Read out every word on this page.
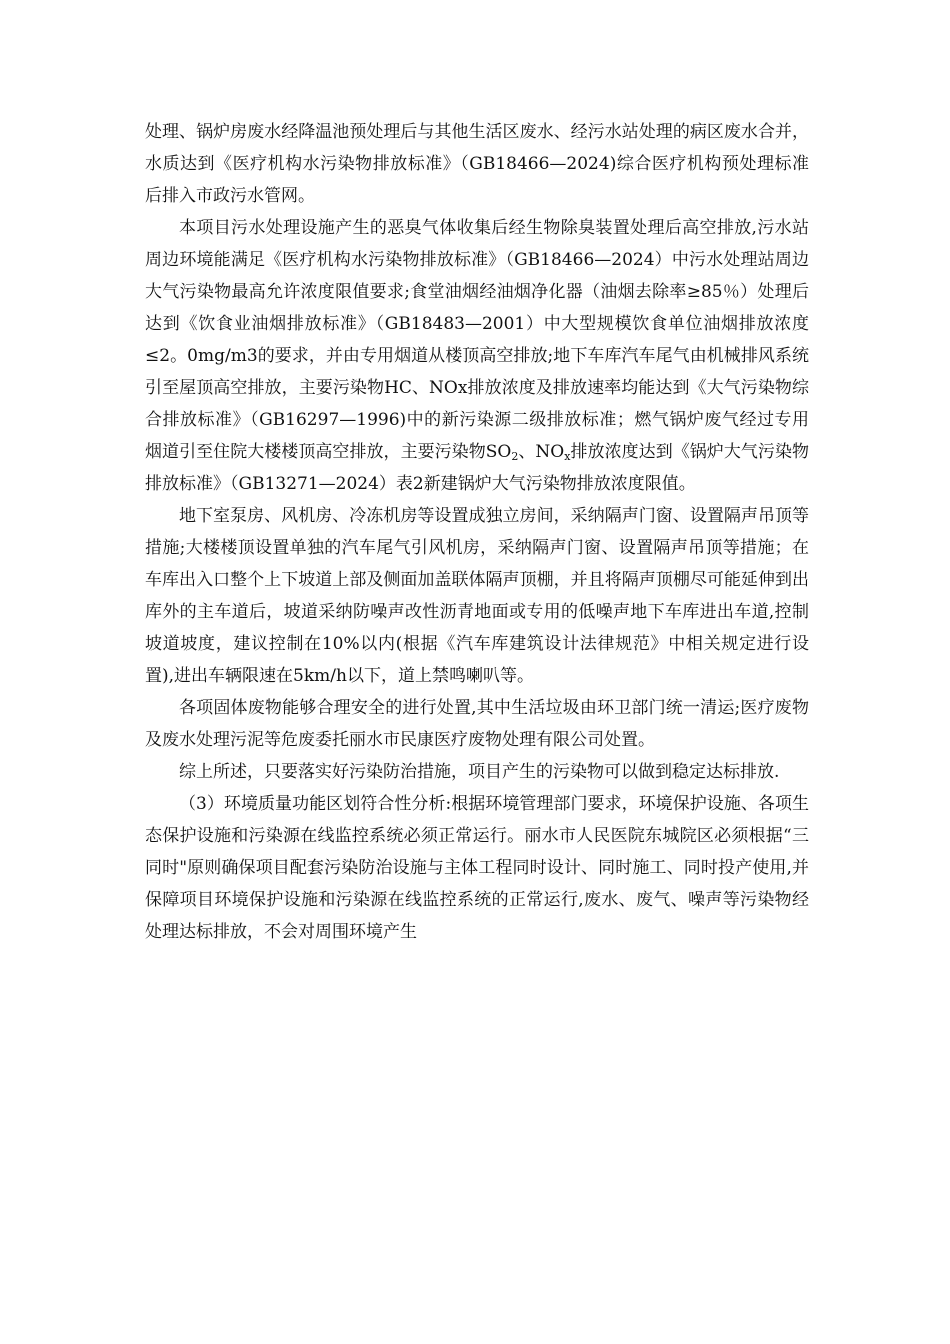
处理、锅炉房废水经降温池预处理后与其他生活区废水、经污水站处理的病区废水合并，水质达到《医疗机构水污染物排放标准》（GB18466—2024)综合医疗机构预处理标准后排入市政污水管网。

本项目污水处理设施产生的恶臭气体收集后经生物除臭装置处理后高空排放,污水站周边环境能满足《医疗机构水污染物排放标准》（GB18466—2024）中污水处理站周边大气污染物最高允许浓度限值要求;食堂油烟经油烟净化器（油烟去除率≥85％）处理后达到《饮食业油烟排放标准》（GB18483—2001）中大型规模饮食单位油烟排放浓度≤2。0mg/m3的要求，并由专用烟道从楼顶高空排放;地下车库汽车尾气由机械排风系统引至屋顶高空排放，主要污染物HC、NOx排放浓度及排放速率均能达到《大气污染物综合排放标准》（GB16297—1996)中的新污染源二级排放标准；燃气锅炉废气经过专用烟道引至住院大楼楼顶高空排放，主要污染物$SO_2$、$NO_x$排放浓度达到《锅炉大气污染物排放标准》（GB13271—2024）表2新建锅炉大气污染物排放浓度限值。

地下室泵房、风机房、冷冻机房等设置成独立房间，采纳隔声门窗、设置隔声吊顶等措施;大楼楼顶设置单独的汽车尾气引风机房，采纳隔声门窗、设置隔声吊顶等措施；在车库出入口整个上下坡道上部及侧面加盖联体隔声顶棚，并且将隔声顶棚尽可能延伸到出库外的主车道后，坡道采纳防噪声改性沥青地面或专用的低噪声地下车库进出车道,控制坡道坡度，建议控制在10%以内(根据《汽车库建筑设计法律规范》中相关规定进行设置),进出车辆限速在5km/h以下，道上禁鸣喇叭等。

各项固体废物能够合理安全的进行处置,其中生活垃圾由环卫部门统一清运;医疗废物及废水处理污泥等危废委托丽水市民康医疗废物处理有限公司处置。

综上所述，只要落实好污染防治措施，项目产生的污染物可以做到稳定达标排放.

（3）环境质量功能区划符合性分析:根据环境管理部门要求，环境保护设施、各项生态保护设施和污染源在线监控系统必须正常运行。丽水市人民医院东城院区必须根据“三同时"原则确保项目配套污染防治设施与主体工程同时设计、同时施工、同时投产使用,并保障项目环境保护设施和污染源在线监控系统的正常运行,废水、废气、噪声等污染物经处理达标排放，不会对周围环境产生
